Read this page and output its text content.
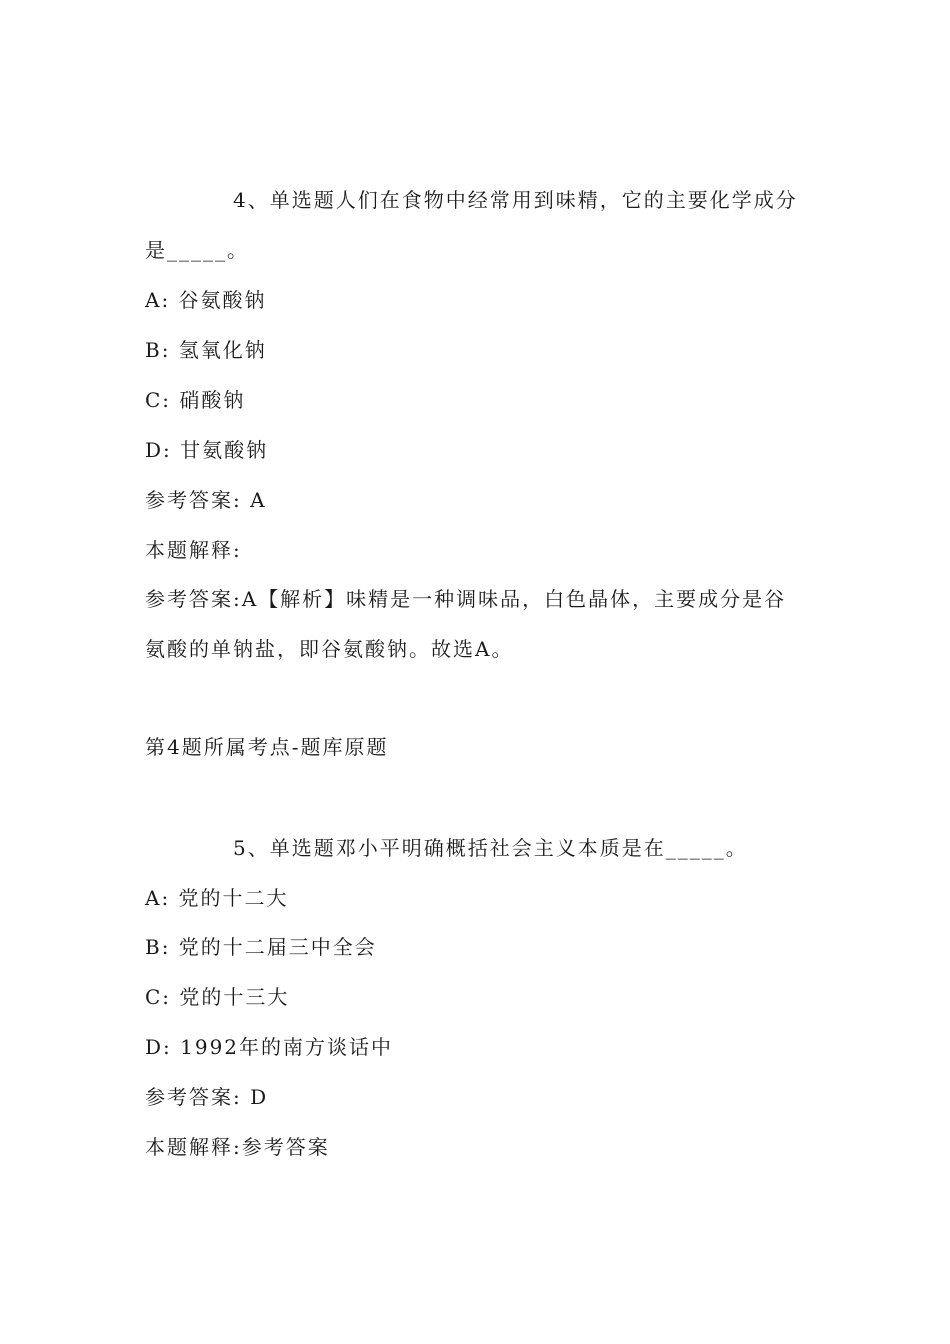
4、单选题人们在食物中经常用到味精，它的主要化学成分

是_____。

A: 谷氨酸钠

B: 氢氧化钠

C: 硝酸钠

D: 甘氨酸钠

参考答案: A

本题解释:

参考答案:A【解析】味精是一种调味品，白色晶体，主要成分是谷

氨酸的单钠盐，即谷氨酸钠。故选A。

第4题所属考点-题库原题

5、单选题邓小平明确概括社会主义本质是在_____。

A: 党的十二大

B: 党的十二届三中全会

C: 党的十三大

D: 1992年的南方谈话中

参考答案: D

本题解释:参考答案
